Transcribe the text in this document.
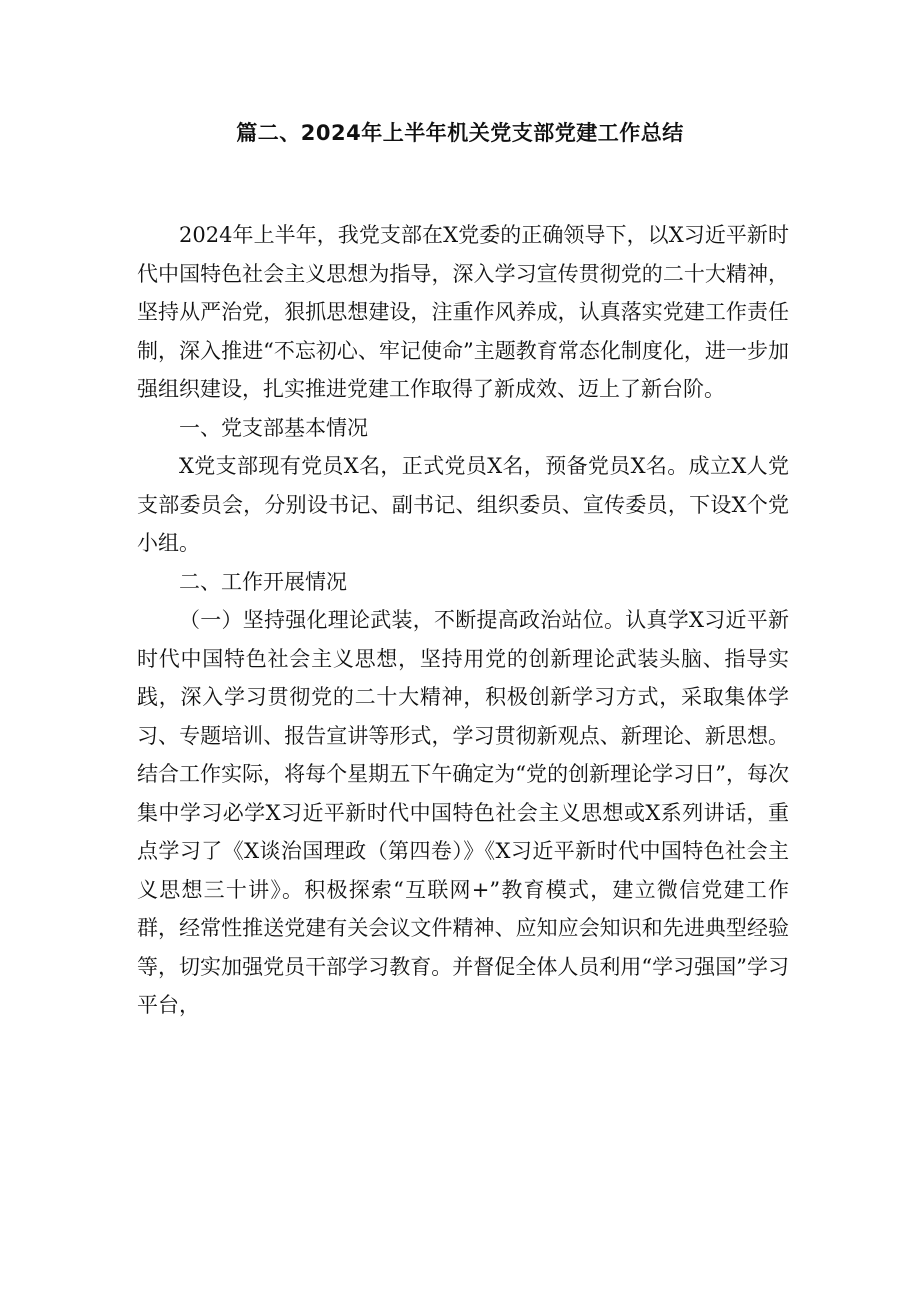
篇二、2024年上半年机关党支部党建工作总结

2024年上半年，我党支部在X党委的正确领导下，以X习近平新时代中国特色社会主义思想为指导，深入学习宣传贯彻党的二十大精神，坚持从严治党，狠抓思想建设，注重作风养成，认真落实党建工作责任制，深入推进“不忘初心、牢记使命”主题教育常态化制度化，进一步加强组织建设，扎实推进党建工作取得了新成效、迈上了新台阶。

一、党支部基本情况

X党支部现有党员X名，正式党员X名，预备党员X名。成立X人党支部委员会，分别设书记、副书记、组织委员、宣传委员，下设X个党小组。

二、工作开展情况

（一）坚持强化理论武装，不断提高政治站位。认真学X习近平新时代中国特色社会主义思想，坚持用党的创新理论武装头脑、指导实践，深入学习贯彻党的二十大精神，积极创新学习方式，采取集体学习、专题培训、报告宣讲等形式，学习贯彻新观点、新理论、新思想。结合工作实际，将每个星期五下午确定为“党的创新理论学习日”，每次集中学习必学X习近平新时代中国特色社会主义思想或X系列讲话，重点学习了《X谈治国理政（第四卷）》《X习近平新时代中国特色社会主义思想三十讲》。积极探索“互联网+”教育模式，建立微信党建工作群，经常性推送党建有关会议文件精神、应知应会知识和先进典型经验等，切实加强党员干部学习教育。并督促全体人员利用“学习强国”学习平台，
